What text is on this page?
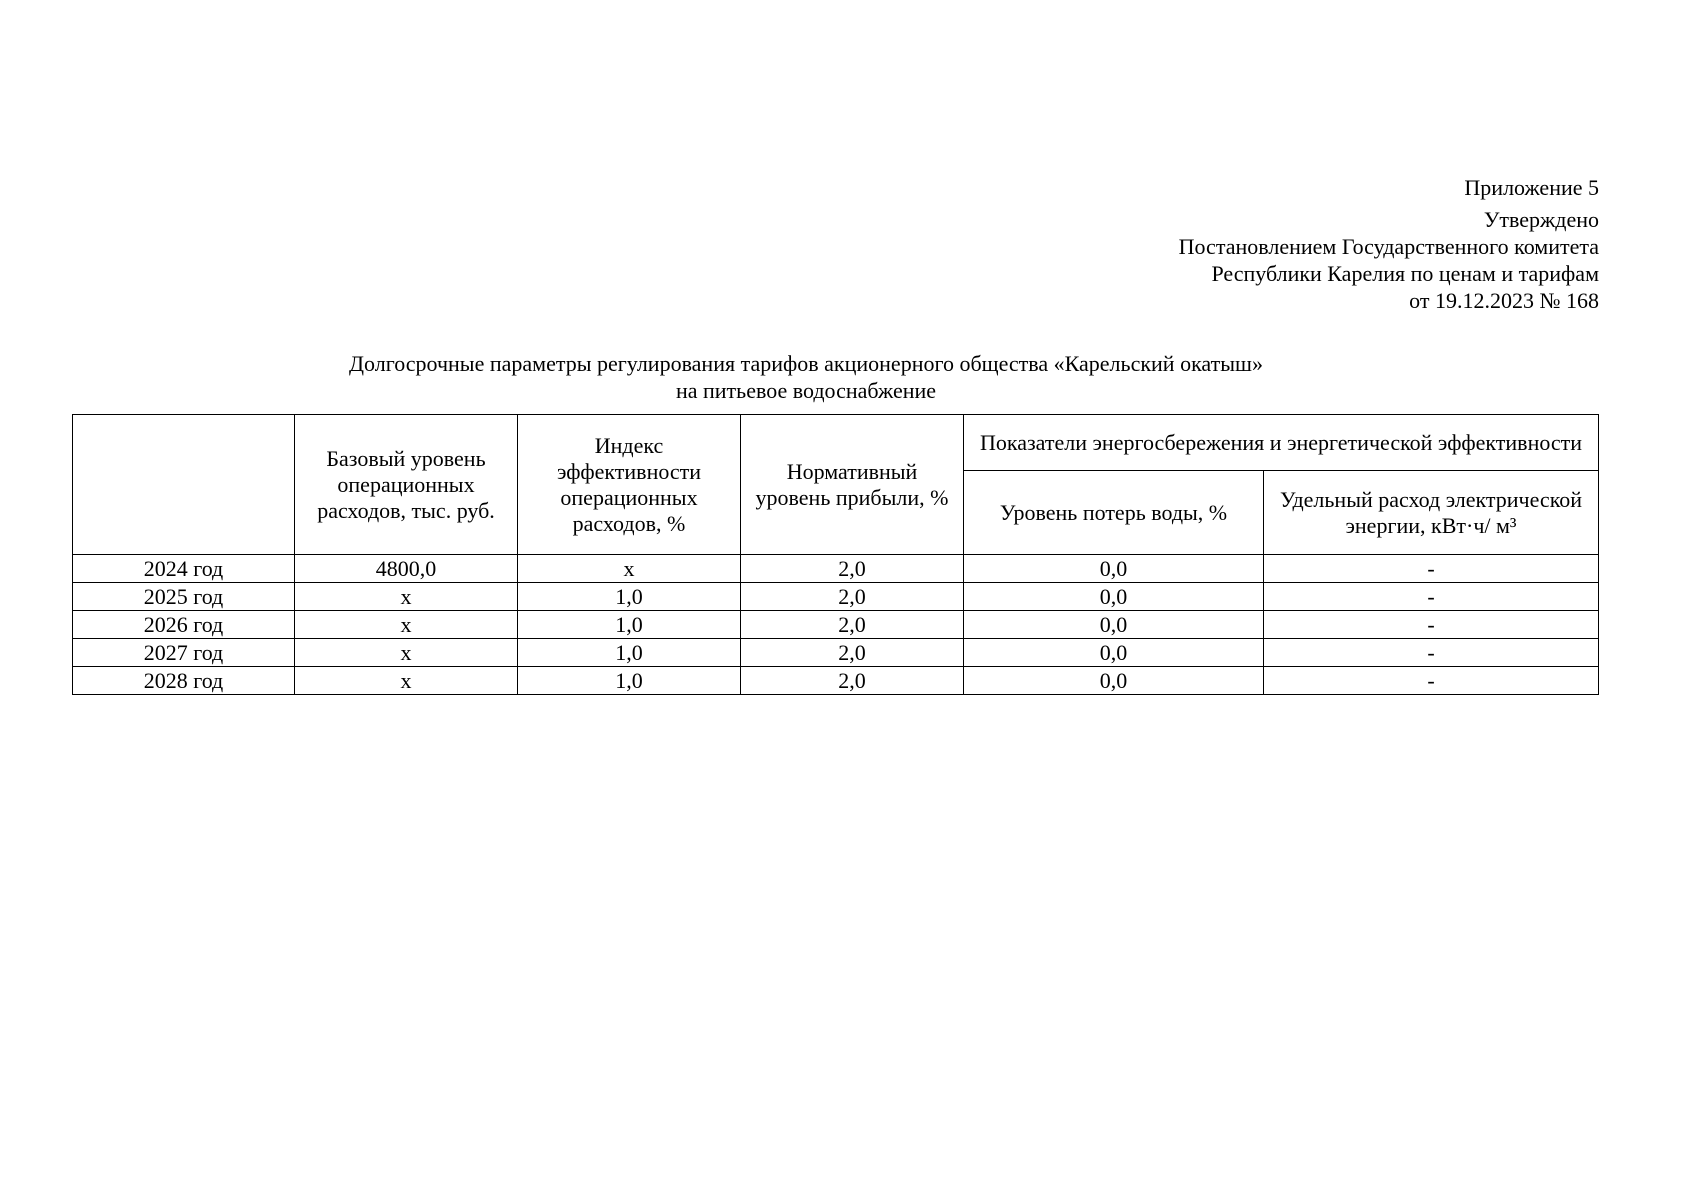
Приложение 5
Утверждено
Постановлением Государственного комитета
Республики Карелия по ценам и тарифам
от 19.12.2023 № 168
Долгосрочные параметры регулирования тарифов акционерного общества «Карельский окатыш»
на питьевое водоснабжение
	Базовый уровень операционных расходов, тыс. руб.	Индекс эффективности операционных расходов, %	Нормативный уровень прибыли, %	Показатели энергосбережения и энергетической эффективности	
				Уровень потерь воды, %	Удельный расход электрической энергии, кВт·ч/ м³
2024 год	4800,0	х	2,0	0,0	-
2025 год	х	1,0	2,0	0,0	-
2026 год	х	1,0	2,0	0,0	-
2027 год	х	1,0	2,0	0,0	-
2028 год	х	1,0	2,0	0,0	-
